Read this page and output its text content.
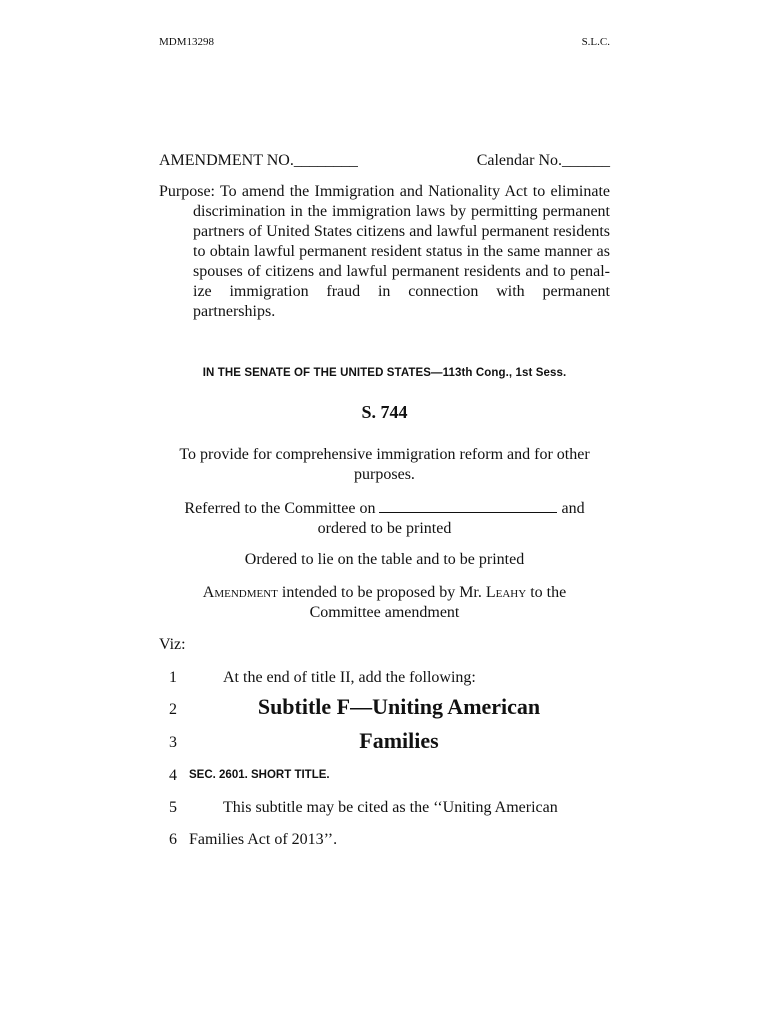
MDM13298	S.L.C.
AMENDMENT NO.________	Calendar No.______
Purpose: To amend the Immigration and Nationality Act to eliminate discrimination in the immigration laws by permitting permanent partners of United States citizens and lawful permanent residents to obtain lawful permanent resident status in the same manner as spouses of citizens and lawful permanent residents and to penalize immigration fraud in connection with permanent partnerships.
IN THE SENATE OF THE UNITED STATES—113th Cong., 1st Sess.
S. 744
To provide for comprehensive immigration reform and for other purposes.
Referred to the Committee on	and
ordered to be printed
Ordered to lie on the table and to be printed
Amendment intended to be proposed by Mr. Leahy to the
Committee amendment
Viz:
1	At the end of title II, add the following:
2	Subtitle F—Uniting American
3	Families
4 SEC. 2601. SHORT TITLE.
5	This subtitle may be cited as the ‘‘Uniting American
6 Families Act of 2013’’.
